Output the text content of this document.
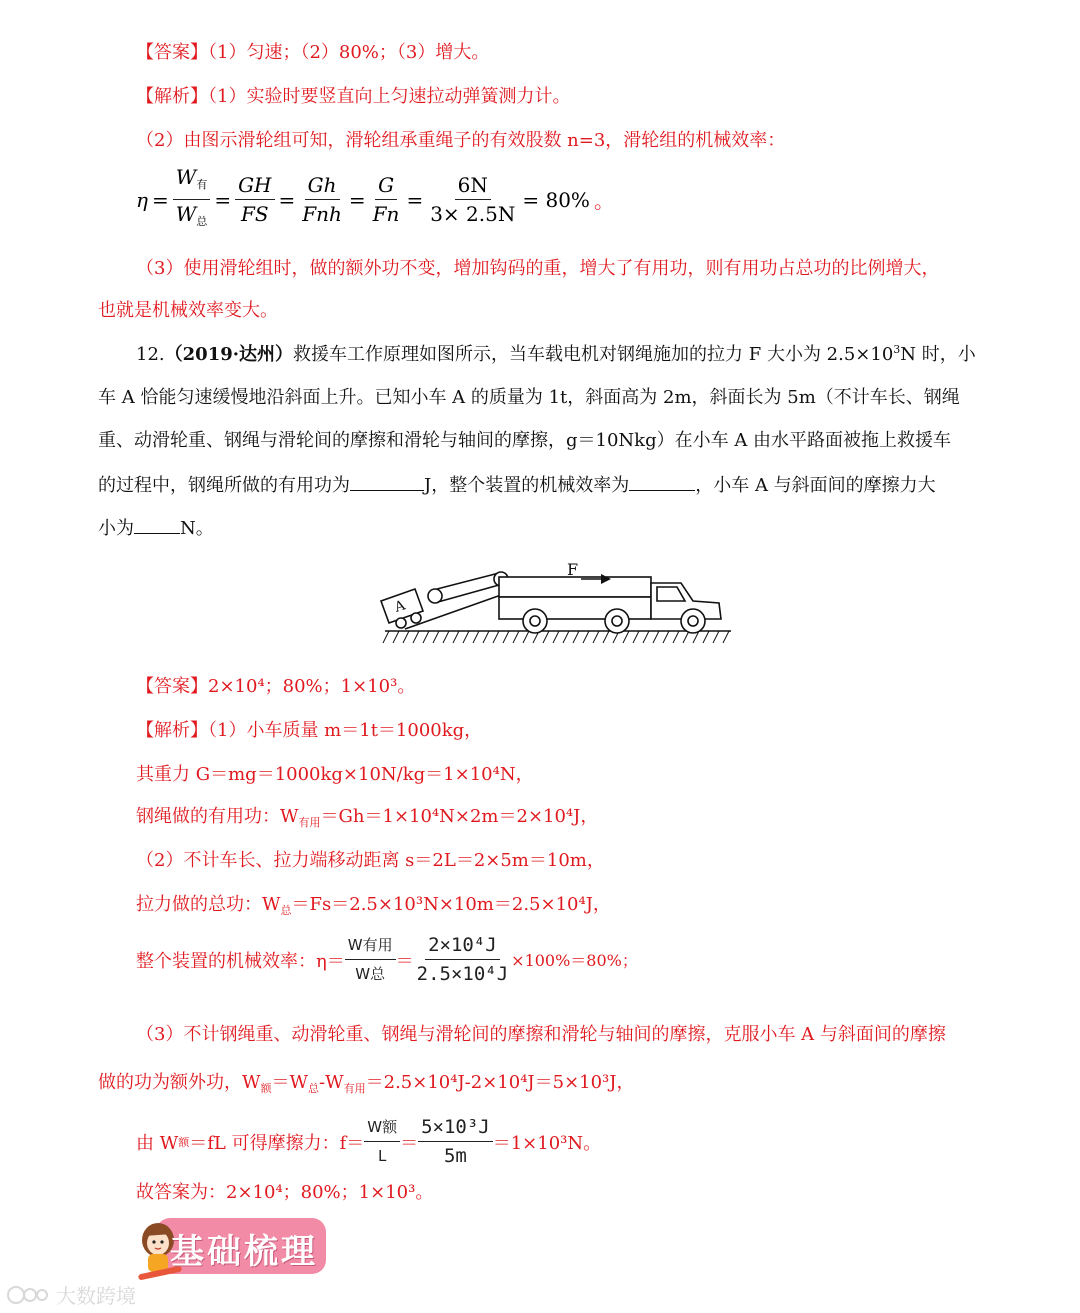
【答案】（1）匀速；（2）80%；（3）增大。
【解析】（1）实验时要竖直向上匀速拉动弹簧测力计。
（2）由图示滑轮组可知，滑轮组承重绳子的有效股数 n=3，滑轮组的机械效率：
$\eta = \frac{W_有}{W_总} = \frac{GH}{FS} = \frac{Gh}{\text{Fnh}} = \frac{G}{Fn} = \frac{6N}{3\times 2.5N} = 80\%$ 。
（3）使用滑轮组时，做的额外功不变，增加钩码的重，增大了有用功，则有用功占总功的比例增大，
也就是机械效率变大。
12.（2019·达州）救援车工作原理如图所示，当车载电机对钢绳施加的拉力 F 大小为 $2.5\times 10^3N$ 时，小
车 A 恰能匀速缓慢地沿斜面上升。已知小车 A 的质量为 1t，斜面高为 2m，斜面长为 5m（不计车长、钢绳
重、动滑轮重、钢绳与滑轮间的摩擦和滑轮与轴间的摩擦，g＝10Nkg）在小车 A 由水平路面被拖上救援车
的过程中，钢绳所做的有用功为	J，整个装置的机械效率为	，小车 A 与斜面间的摩擦力大
小为	N。
F
A
【答案】2×10⁴；80%；1×10³。
【解析】（1）小车质量 m＝1t＝1000kg，
其重力 G＝mg＝1000kg×10N/kg＝1×10⁴N，
钢绳做的有用功：$W_{有用}=Gh=1\times 10^4N\times 2m=2\times 10^4J$，
（2）不计车长、拉力端移动距离 s＝2L＝2×5m＝10m，
拉力做的总功：$W_总=Fs=2.5\times 10^3N\times 10m=2.5\times 10^4J$，
整个装置的机械效率：$\eta= \frac{\text{W有用}}{\text{W总}} = \frac{\text{2×10⁴J}}{\text{2.5×10⁴J}} \times 100\%=80\%$；
（3）不计钢绳重、动滑轮重、钢绳与滑轮间的摩擦和滑轮与轴间的摩擦，克服小车 A 与斜面间的摩擦
做的功为额外功，$W_额=W_总-W_{有用}=2.5\times 10^4J-2\times 10^4J=5\times 10^3J$，
由 W 额 ＝fL 可得摩擦力：$f= \frac{\text{W额}}{L} = \frac{\text{5×10³J}}{5m} =1\times 10^3N$。
故答案为：2×10⁴；80%；1×10³。
基础梳理
大数跨境
